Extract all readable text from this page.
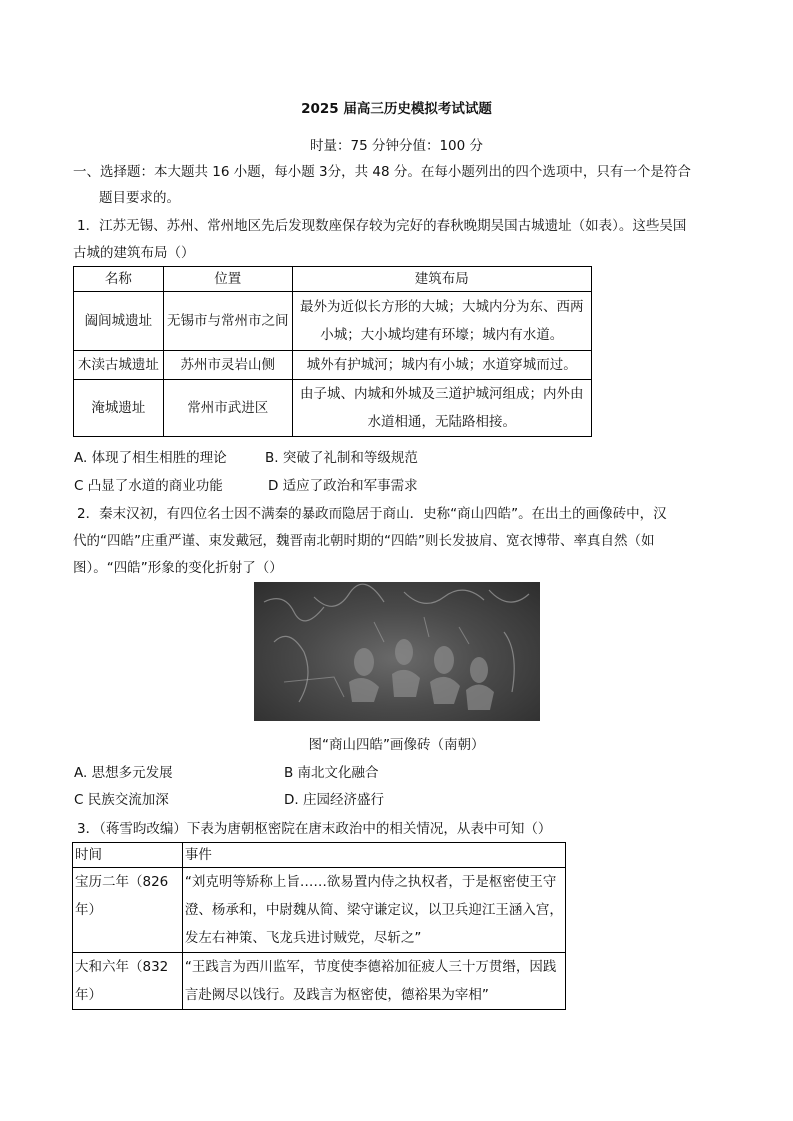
2025 届高三历史模拟考试试题
时量：75 分钟分值：100 分
一、选择题：本大题共 16 小题，每小题 3分，共 48 分。在每小题列出的四个选项中，只有一个是符合
题目要求的。
1．江苏无锡、苏州、常州地区先后发现数座保存较为完好的春秋晚期吴国古城遗址（如表）。这些吴国
古城的建筑布局（）
名称	位置	建筑布局
阖闾城遗址	无锡市与常州市之间	最外为近似长方形的大城；大城内分为东、西两小城；大小城均建有环壕；城内有水道。
木渎古城遗址	苏州市灵岩山侧	城外有护城河；城内有小城；水道穿城而过。
淹城遗址	常州市武进区	由子城、内城和外城及三道护城河组成；内外由水道相通，无陆路相接。
A. 体现了相生相胜的理论	B. 突破了礼制和等级规范
C 凸显了水道的商业功能	D 适应了政治和军事需求
2．秦末汉初，有四位名士因不满秦的暴政而隐居于商山．史称“商山四皓”。在出土的画像砖中，汉
代的“四皓”庄重严谨、束发戴冠，魏晋南北朝时期的“四皓”则长发披肩、宽衣博带、率真自然（如
图）。“四皓”形象的变化折射了（）
图“商山四皓”画像砖（南朝）
A. 思想多元发展	B 南北文化融合
C 民族交流加深	D. 庄园经济盛行
3．（蒋雪昀改编）下表为唐朝枢密院在唐末政治中的相关情况，从表中可知（）
时间	事件
宝历二年（826 年）	“刘克明等矫称上旨……欲易置内侍之执权者，于是枢密使王守澄、杨承和，中尉魏从简、梁守谦定议，以卫兵迎江王涵入宫，发左右神策、飞龙兵进讨贼党，尽斩之”
大和六年（832 年）	“王践言为西川监军，节度使李德裕加征疲人三十万贯缗，因践言赴阙尽以饯行。及践言为枢密使，德裕果为宰相”
